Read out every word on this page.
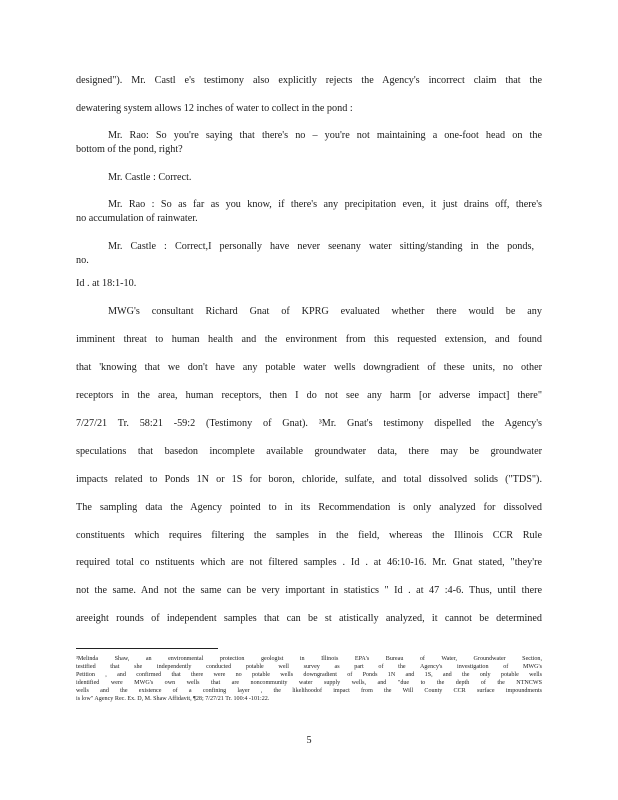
designed"). Mr. Castl e's testimony also explicitly rejects the Agency's incorrect claim that the
dewatering system allows 12 inches of water to collect in the pond :
Mr. Rao: So you're saying that there's no – you're not maintaining a one-foot head on the
bottom of the pond, right?
Mr. Castle : Correct.
Mr. Rao : So as far as you know, if there's any precipitation even, it just drains off, there's
no accumulation of rainwater.
Mr. Castle : Correct,I personally have never seenany water sitting/standing in the ponds,
no.
Id . at 18:1-10.
MWG's consultant Richard Gnat of KPRG evaluated whether there would be any
imminent threat to human health and the environment from this requested extension, and found
that 'knowing that we don't have any potable water wells downgradient of these units, no other
receptors in the area, human receptors, then I do not see any harm [or adverse impact] there"
7/27/21 Tr. 58:21 -59:2 (Testimony of Gnat). ³Mr. Gnat's testimony dispelled the Agency's
speculations that basedon incomplete available groundwater data, there may be groundwater
impacts related to Ponds 1N or 1S for boron, chloride, sulfate, and total dissolved solids ("TDS").
The sampling data the Agency pointed to in its Recommendation is only analyzed for dissolved
constituents which requires filtering the samples in the field, whereas the Illinois CCR Rule
required total co nstituents which are not filtered samples . Id . at 46:10-16. Mr. Gnat stated, "they're
not the same. And not the same can be very important in statistics " Id . at 47 :4-6. Thus, until there
areeight rounds of independent samples that can be st atistically analyzed, it cannot be determined
³Melinda Shaw, an environmental protection geologist in Illinois EPA's Bureau of Water, Groundwater Section,
testified that she independently conducted potable well survey as part of the Agency's investigation of MWG's
Petition , and confirmed that there were no potable wells downgradient of Ponds 1N and 1S, and the only potable wells
identified were MWG's own wells that are noncommunity water supply wells, and "due to the depth of the NTNCWS
wells and the existence of a confining layer , the likelihoodof impact from the Will County CCR surface impoundments
is low" Agency Rec. Ex. D, M. Shaw Affidavit, ¶28; 7/27/21 Tr. 100:4 -101:22.
5
